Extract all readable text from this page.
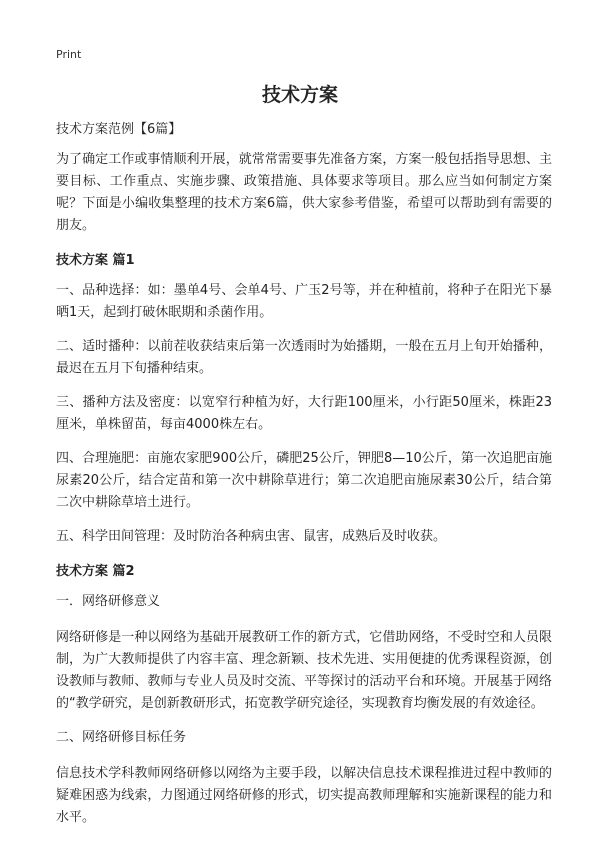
Print
技术方案
技术方案范例【6篇】

为了确定工作或事情顺利开展，就常常需要事先准备方案，方案一般包括指导思想、主要目标、工作重点、实施步骤、政策措施、具体要求等项目。那么应当如何制定方案呢？下面是小编收集整理的技术方案6篇，供大家参考借鉴，希望可以帮助到有需要的朋友。

技术方案 篇1

一、品种选择：如：墨单4号、会单4号、广玉2号等，并在种植前，将种子在阳光下暴晒1天，起到打破休眠期和杀菌作用。

二、适时播种：以前茬收获结束后第一次透雨时为始播期，一般在五月上旬开始播种，最迟在五月下旬播种结束。

三、播种方法及密度：以宽窄行种植为好，大行距100厘米，小行距50厘米，株距23厘米，单株留苗，每亩4000株左右。

四、合理施肥：亩施农家肥900公斤，磷肥25公斤，钾肥8—10公斤，第一次追肥亩施尿素20公斤，结合定苗和第一次中耕除草进行；第二次追肥亩施尿素30公斤，结合第二次中耕除草培土进行。

五、科学田间管理：及时防治各种病虫害、鼠害，成熟后及时收获。

技术方案 篇2

一．网络研修意义

网络研修是一种以网络为基础开展教研工作的新方式，它借助网络，不受时空和人员限制，为广大教师提供了内容丰富、理念新颖、技术先进、实用便捷的优秀课程资源，创设教师与教师、教师与专业人员及时交流、平等探讨的活动平台和环境。开展基于网络的“教学研究，是创新教研形式，拓宽教学研究途径，实现教育均衡发展的有效途径。

二、网络研修目标任务

信息技术学科教师网络研修以网络为主要手段，以解决信息技术课程推进过程中教师的疑难困惑为线索，力图通过网络研修的形式，切实提高教师理解和实施新课程的能力和水平。
